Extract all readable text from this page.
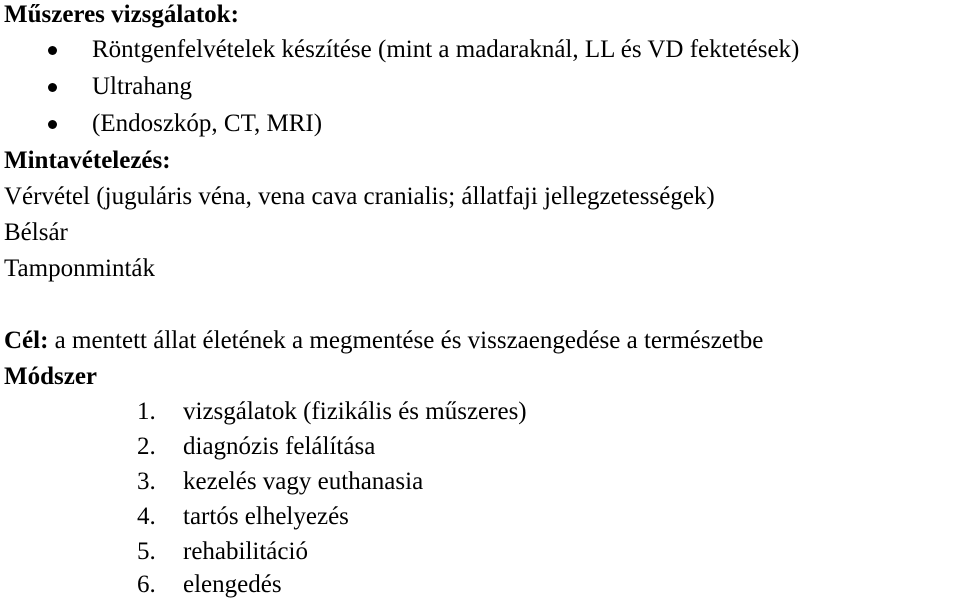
Műszeres vizsgálatok:
Röntgenfelvételek készítése (mint a madaraknál, LL és VD fektetések)
Ultrahang
(Endoszkóp, CT, MRI)
Mintavételezés:
Vérvétel (juguláris véna, vena cava cranialis; állatfaji jellegzetességek)
Bélsár
Tamponminták
Cél: a mentett állat életének a megmentése és visszaengedése a természetbe
Módszer
1. vizsgálatok (fizikális és műszeres)
2. diagnózis felálítása
3. kezelés vagy euthanasia
4. tartós elhelyezés
5. rehabilitáció
6. elengedés
